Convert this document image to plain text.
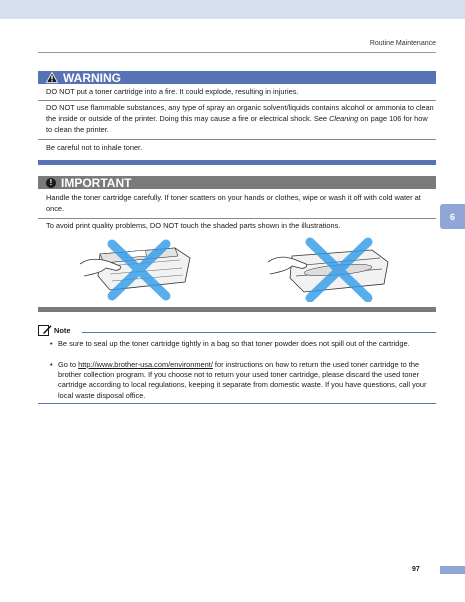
Routine Maintenance
WARNING
DO NOT put a toner cartridge into a fire. It could explode, resulting in injuries.
DO NOT use flammable substances, any type of spray an organic solvent/liquids contains alcohol or ammonia to clean the inside or outside of the printer. Doing this may cause a fire or electrical shock. See Cleaning on page 106 for how to clean the printer.
Be careful not to inhale toner.
! IMPORTANT
Handle the toner cartridge carefully. If toner scatters on your hands or clothes, wipe or wash it off with cold water at once.
To avoid print quality problems, DO NOT touch the shaded parts shown in the illustrations.
6
Note
• Be sure to seal up the toner cartridge tightly in a bag so that toner powder does not spill out of the cartridge.
• Go to http://www.brother-usa.com/environment/ for instructions on how to return the used toner cartridge to the brother collection program. If you choose not to return your used toner cartridge, please discard the used toner cartridge according to local regulations, keeping it separate from domestic waste. If you have questions, call your local waste disposal office.
97
